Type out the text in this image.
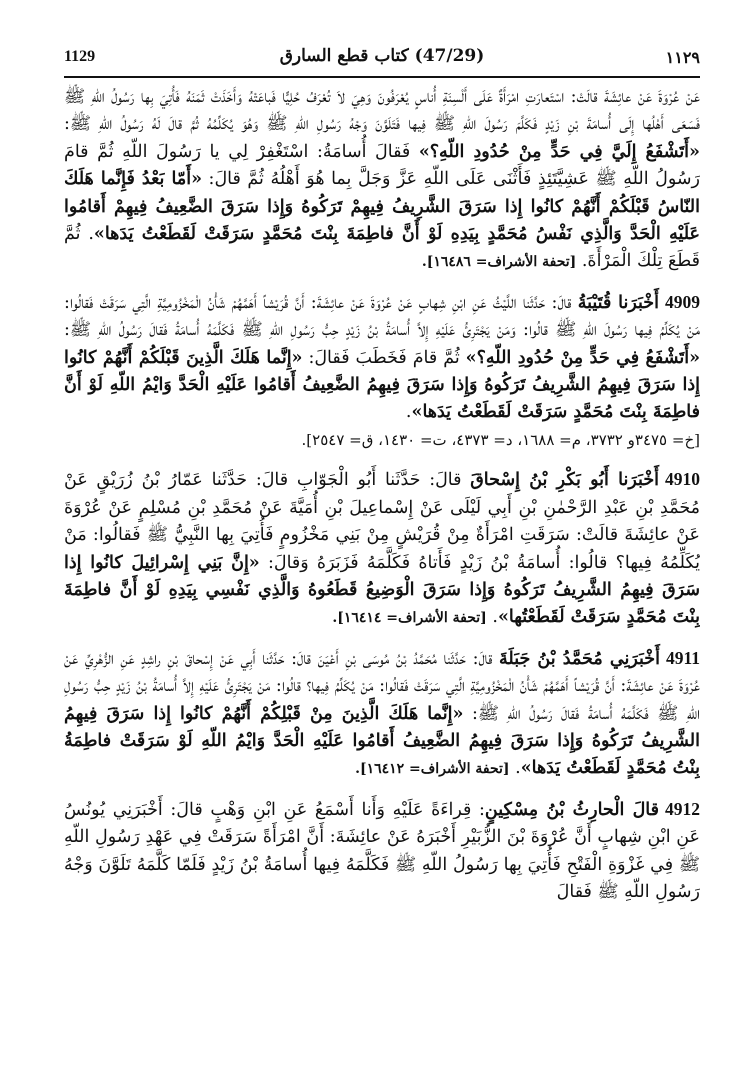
١١٢٩
(47/29) كتاب قطع السارق
1129

عَنْ عُرْوَةَ عَنْ عائِشَةَ قالَتْ: اسْتَعارَتِ امْرَأَةٌ عَلَى أَلْسِنَةِ أُناسٍ يُعْرَفُونَ وَهِيَ لاَ تُعْرَفُ حُلِيًّا فَباعَتْهُ وَأَخَذَتْ ثَمَنَهُ فَأُتِيَ بِها رَسُولُ اللّهِ ﷺ فَسَعَى أَهْلُها إِلَى أُسامَةَ بْنِ زَيْدٍ فَكَلَّمَ رَسُولَ اللّهِ ﷺ فِيها فَتَلَوَّنَ وَجْهُ رَسُولِ اللّهِ ﷺ وَهُوَ يُكَلِّمُهُ ثُمَّ قالَ لَهُ رَسُولُ اللّهِ ﷺ: «أَتَشْفَعُ إِلَيَّ فِي حَدٍّ مِنْ حُدُودِ اللّهِ؟» فَقالَ أُسامَةُ: اسْتَغْفِرْ لِي يا رَسُولَ اللّهِ ثُمَّ قامَ رَسُولُ اللّهِ ﷺ عَشِيَّتَئِذٍ فَأَثْنَى عَلَى اللّهِ عَزَّ وَجَلَّ بِما هُوَ أَهْلُهُ ثُمَّ قالَ: «أَمّا بَعْدُ فَإِنَّما هَلَكَ النّاسُ قَبْلَكُمْ أَنَّهُمْ كانُوا إِذا سَرَقَ الشَّرِيفُ فِيهِمْ تَرَكُوهُ وَإِذا سَرَقَ الضَّعِيفُ فِيهِمْ أَقامُوا عَلَيْهِ الْحَدَّ وَالَّذِي نَفْسُ مُحَمَّدٍ بِيَدِهِ لَوْ أَنَّ فاطِمَةَ بِنْتَ مُحَمَّدٍ سَرَقَتْ لَقَطَعْتُ يَدَها». ثُمَّ قَطَعَ تِلْكَ الْمَرْأَةَ. [تحفة الأشراف= ١٦٤٨٦].

4909أَخْبَرَنا قُتَيْبَةُ قالَ: حَدَّثَنا اللَّيْثُ عَنِ ابْنِ شِهابٍ عَنْ عُرْوَةَ عَنْ عائِشَةَ: أَنَّ قُرَيْشاً أَهَمَّهُمْ شَأْنُ الْمَخْزُومِيَّةِ الَّتِي سَرَقَتْ فَقالُوا: مَنْ يُكَلِّمُ فِيها رَسُولَ اللّهِ ﷺ قالُوا: وَمَنْ يَجْتَرِئُ عَلَيْهِ إِلاَّ أُسامَةُ بْنُ زَيْدٍ حِبُّ رَسُولِ اللّهِ ﷺ فَكَلَّمَهُ أُسامَةُ فَقالَ رَسُولُ اللّهِ ﷺ: «أَتَشْفَعُ فِي حَدٍّ مِنْ حُدُودِ اللّهِ؟» ثُمَّ قامَ فَخَطَبَ فَقالَ: «إِنَّما هَلَكَ الَّذِينَ قَبْلَكُمْ أَنَّهُمْ كانُوا إِذا سَرَقَ فِيهِمُ الشَّرِيفُ تَرَكُوهُ وَإِذا سَرَقَ فِيهِمُ الضَّعِيفُ أَقامُوا عَلَيْهِ الْحَدَّ وَايْمُ اللّهِ لَوْ أَنَّ فاطِمَةَ بِنْتَ مُحَمَّدٍ سَرَقَتْ لَقَطَعْتُ يَدَها».
[خ= ٣٤٧٥و ٣٧٣٢، م= ١٦٨٨، د= ٤٣٧٣، ت= ١٤٣٠، ق= ٢٥٤٧].

4910أَخْبَرَنا أَبُو بَكْرِ بْنُ إِسْحاقَ قالَ: حَدَّثَنا أَبُو الْجَوّابِ قالَ: حَدَّثَنا عَمّارُ بْنُ زُرَيْقٍ عَنْ مُحَمَّدِ بْنِ عَبْدِ الرَّحْمٰنِ بْنِ أَبِي لَيْلَى عَنْ إِسْماعِيلَ بْنِ أُمَيَّةَ عَنْ مُحَمَّدِ بْنِ مُسْلِمٍ عَنْ عُرْوَةَ عَنْ عائِشَةَ قالَتْ: سَرَقَتِ امْرَأَةٌ مِنْ قُرَيْشٍ مِنْ بَنِي مَخْزُومٍ فَأُتِيَ بِها النَّبِيُّ ﷺ فَقالُوا: مَنْ يُكَلِّمُهُ فِيها؟ قالُوا: أُسامَةُ بْنُ زَيْدٍ فَأَتاهُ فَكَلَّمَهُ فَزَبَرَهُ وَقالَ: «إِنَّ بَنِي إِسْرائِيلَ كانُوا إِذا سَرَقَ فِيهِمُ الشَّرِيفُ تَرَكُوهُ وَإِذا سَرَقَ الْوَضِيعُ قَطَعُوهُ وَالَّذِي نَفْسِي بِيَدِهِ لَوْ أَنَّ فاطِمَةَ بِنْتَ مُحَمَّدٍ سَرَقَتْ لَقَطَعْتُها». [تحفة الأشراف= ١٦٤١٤].

4911أَخْبَرَنِي مُحَمَّدُ بْنُ جَبَلَةَ قالَ: حَدَّثَنا مُحَمَّدُ بْنُ مُوسَى بْنِ أَعْيَنَ قالَ: حَدَّثَنا أَبِي عَنْ إِسْحاقَ بْنِ راشِدٍ عَنِ الزُّهْرِيِّ عَنْ عُرْوَةَ عَنْ عائِشَةَ: أَنَّ قُرَيْشاً أَهَمَّهُمْ شَأْنُ الْمَخْزُومِيَّةِ الَّتِي سَرَقَتْ فَقالُوا: مَنْ يُكَلِّمُ فِيها؟ قالُوا: مَنْ يَجْتَرِئُ عَلَيْهِ إِلاَّ أُسامَةُ بْنُ زَيْدٍ حِبُّ رَسُولِ اللّهِ ﷺ فَكَلَّمَهُ أُسامَةُ فَقالَ رَسُولُ اللّهِ ﷺ: «إِنَّما هَلَكَ الَّذِينَ مِنْ قَبْلِكُمْ أَنَّهُمْ كانُوا إِذا سَرَقَ فِيهِمُ الشَّرِيفُ تَرَكُوهُ وَإِذا سَرَقَ فِيهِمُ الضَّعِيفُ أَقامُوا عَلَيْهِ الْحَدَّ وَايْمُ اللّهِ لَوْ سَرَقَتْ فاطِمَةُ بِنْتُ مُحَمَّدٍ لَقَطَعْتُ يَدَها». [تحفة الأشراف= ١٦٤١٢].

4912قالَ الْحارِثُ بْنُ مِسْكِينٍ: قِراءَةً عَلَيْهِ وَأَنا أَسْمَعُ عَنِ ابْنِ وَهْبٍ قالَ: أَخْبَرَنِي يُونُسُ عَنِ ابْنِ شِهابٍ أَنَّ عُرْوَةَ بْنَ الزُّبَيْرِ أَخْبَرَهُ عَنْ عائِشَةَ: أَنَّ امْرَأَةً سَرَقَتْ فِي عَهْدِ رَسُولِ اللّهِ ﷺ فِي غَزْوَةِ الْفَتْحِ فَأُتِيَ بِها رَسُولُ اللّهِ ﷺ فَكَلَّمَهُ فِيها أُسامَةُ بْنُ زَيْدٍ فَلَمّا كَلَّمَهُ تَلَوَّنَ وَجْهُ رَسُولِ اللّهِ ﷺ فَقالَ
